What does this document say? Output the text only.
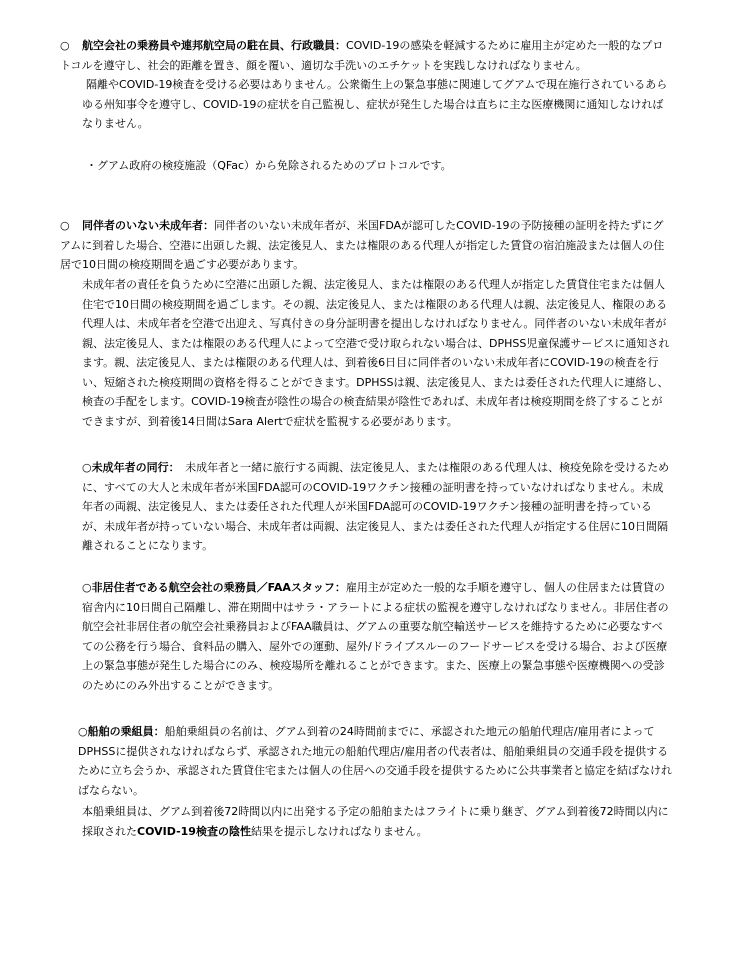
○ 航空会社の乗務員や連邦航空局の駐在員、行政職員：COVID-19の感染を軽減するために雇用主が定めた一般的なプロトコルを遵守し、社会的距離を置き、顔を覆い、適切な手洗いのエチケットを実践しなければなりません。
隔離やCOVID-19検査を受ける必要はありません。公衆衛生上の緊急事態に関連してグアムで現在施行されているあらゆる州知事令を遵守し、COVID-19の症状を自己監視し、症状が発生した場合は直ちに主な医療機関に通知しなければなりません。
・グアム政府の検疫施設（QFac）から免除されるためのプロトコルです。
○ 同伴者のいない未成年者：同伴者のいない未成年者が、米国FDAが認可したCOVID-19の予防接種の証明を持たずにグアムに到着した場合、空港に出頭した親、法定後見人、または権限のある代理人が指定した賃貸の宿泊施設または個人の住居で10日間の検疫期間を過ごす必要があります。
未成年者の責任を負うために空港に出頭した親、法定後見人、または権限のある代理人が指定した賃貸住宅または個人住宅で10日間の検疫期間を過ごします。その親、法定後見人、または権限のある代理人は親、法定後見人、権限のある代理人は、未成年者を空港で出迎え、写真付きの身分証明書を提出しなければなりません。同伴者のいない未成年者が親、法定後見人、または権限のある代理人によって空港で受け取られない場合は、DPHSS児童保護サービスに通知されます。親、法定後見人、または権限のある代理人は、到着後6日目に同伴者のいない未成年者にCOVID-19の検査を行い、短縮された検疫期間の資格を得ることができます。DPHSSは親、法定後見人、または委任された代理人に連絡し、検査の手配をします。COVID-19検査が陰性の場合の検査結果が陰性であれば、未成年者は検疫期間を終了することができますが、到着後14日間はSara Alertで症状を監視する必要があります。
○未成年者の同行：　未成年者と一緒に旅行する両親、法定後見人、または権限のある代理人は、検疫免除を受けるために、すべての大人と未成年者が米国FDA認可のCOVID-19ワクチン接種の証明書を持っていなければなりません。未成年者の両親、法定後見人、または委任された代理人が米国FDA認可のCOVID-19ワクチン接種の証明書を持っているが、未成年者が持っていない場合、未成年者は両親、法定後見人、または委任された代理人が指定する住居に10日間隔離されることになります。
○非居住者である航空会社の乗務員／FAAスタッフ：雇用主が定めた一般的な手順を遵守し、個人の住居または賃貸の宿舎内に10日間自己隔離し、滞在期間中はサラ・アラートによる症状の監視を遵守しなければなりません。非居住者の航空会社非居住者の航空会社乗務員およびFAA職員は、グアムの重要な航空輸送サービスを維持するために必要なすべての公務を行う場合、食料品の購入、屋外での運動、屋外/ドライブスルーのフードサービスを受ける場合、および医療上の緊急事態が発生した場合にのみ、検疫場所を離れることができます。また、医療上の緊急事態や医療機関への受診のためにのみ外出することができます。
○船舶の乗組員：船舶乗組員の名前は、グアム到着の24時間前までに、承認された地元の船舶代理店/雇用者によってDPHSSに提供されなければならず、承認された地元の船舶代理店/雇用者の代表者は、船舶乗組員の交通手段を提供するために立ち会うか、承認された賃貸住宅または個人の住居への交通手段を提供するために公共事業者と協定を結ばなければならない。
本船乗組員は、グアム到着後72時間以内に出発する予定の船舶またはフライトに乗り継ぎ、グアム到着後72時間以内に採取されたCOVID-19検査の陰性結果を提示しなければなりません。
